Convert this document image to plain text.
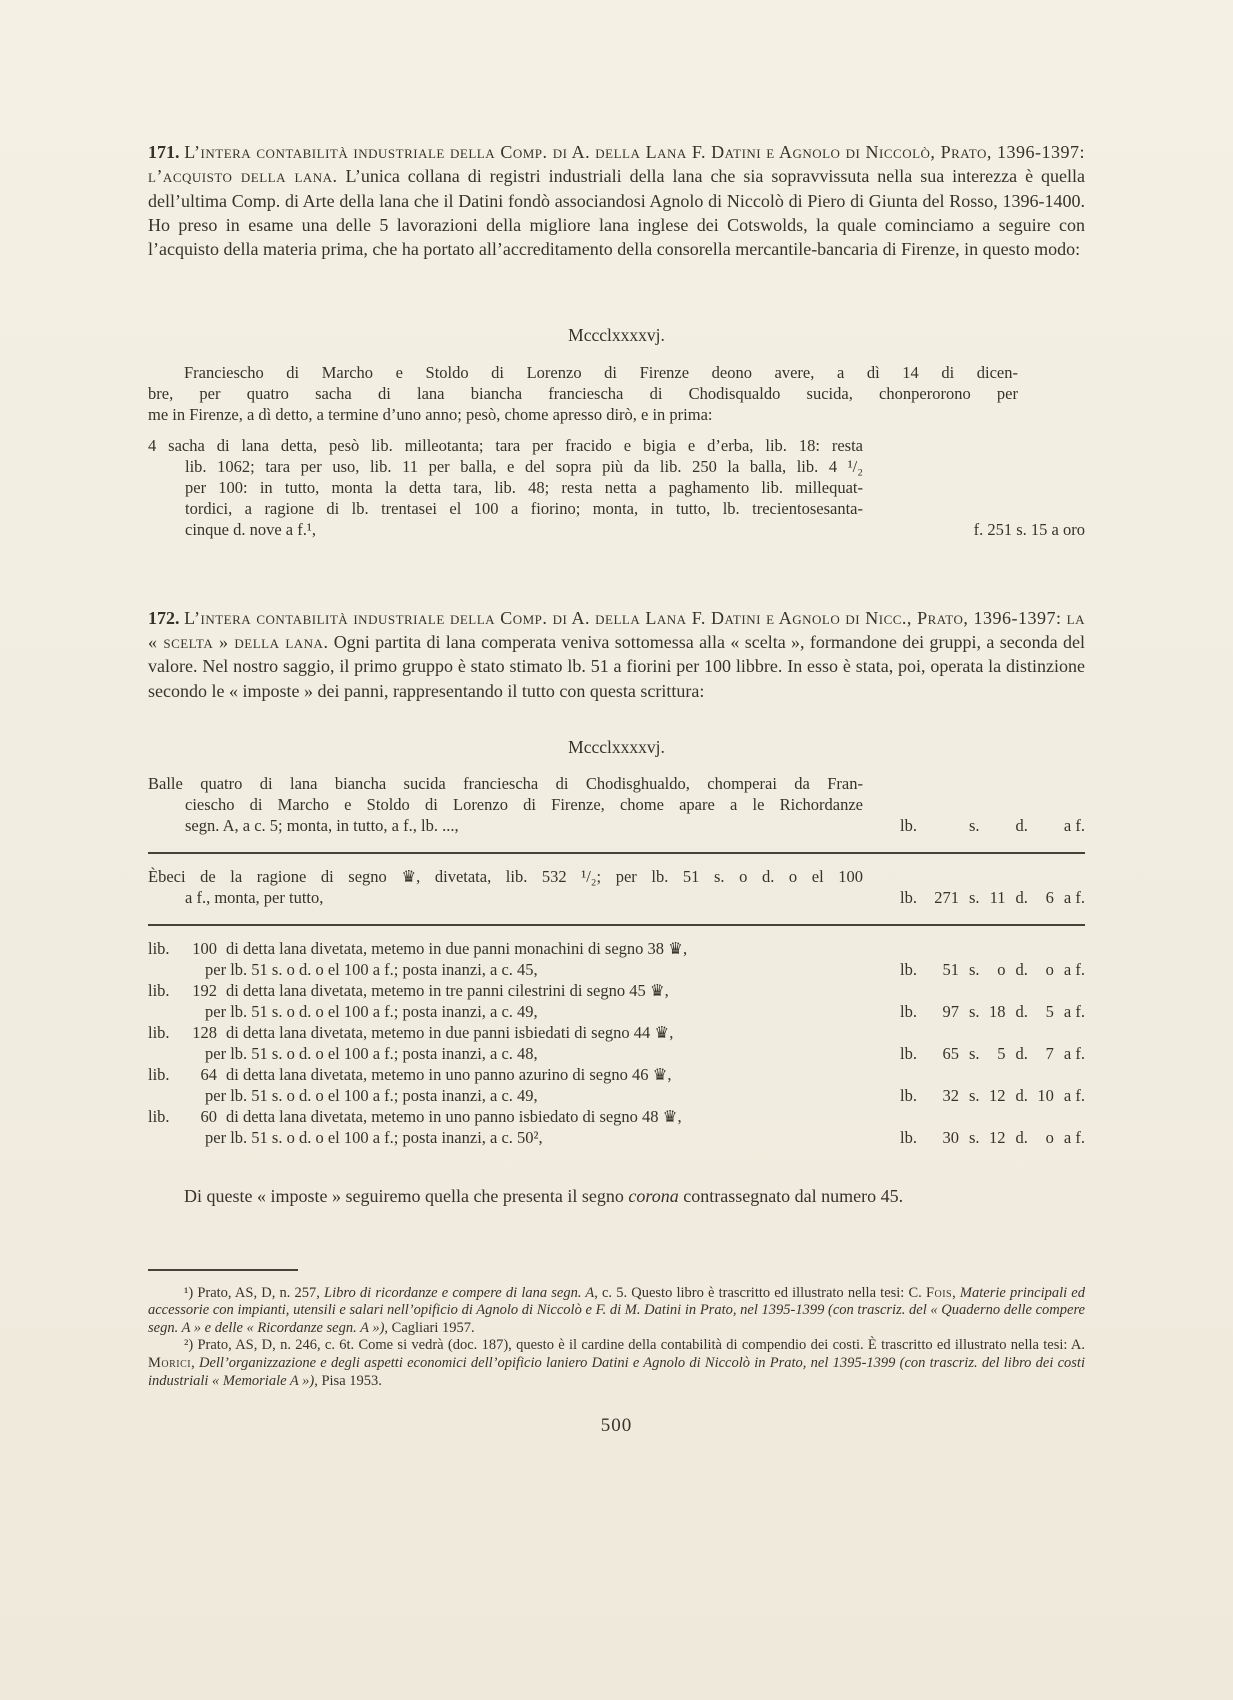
171. L’intera contabilità industriale della Comp. di A. della Lana F. Datini e Agnolo di Niccolò, Prato, 1396-1397: l’acquisto della lana. L’unica collana di registri industriali della lana che sia sopravvissuta nella sua interezza è quella dell’ultima Comp. di Arte della lana che il Datini fondò associandosi Agnolo di Niccolò di Piero di Giunta del Rosso, 1396-1400. Ho preso in esame una delle 5 lavorazioni della migliore lana inglese dei Cotswolds, la quale cominciamo a seguire con l’acquisto della materia prima, che ha portato all’accreditamento della consorella mercantile-bancaria di Firenze, in questo modo:

Mccclxxxxvj.

Franciescho di Marcho e Stoldo di Lorenzo di Firenze deono avere, a dì 14 di dicen-
bre, per quatro sacha di lana biancha franciescha di Chodisqualdo sucida, chonperorono per
me in Firenze, a dì detto, a termine d’uno anno; pesò, chome apresso dirò, e in prima:
4 sacha di lana detta, pesò lib. milleotanta; tara per fracido e bigia e d’erba, lib. 18: resta
lib. 1062; tara per uso, lib. 11 per balla, e del sopra più da lib. 250 la balla, lib. 4 ¹/₂
per 100: in tutto, monta la detta tara, lib. 48; resta netta a paghamento lib. millequat-
tordici, a ragione di lb. trentasei el 100 a fiorino; monta, in tutto, lb. trecientosesanta-
cinque d. nove a f.¹,	f. 251 s. 15 a oro

172. L’intera contabilità industriale della Comp. di A. della Lana F. Datini e Agnolo di Nicc., Prato, 1396-1397: la « scelta » della lana. Ogni partita di lana comperata veniva sottomessa alla « scelta », formandone dei gruppi, a seconda del valore. Nel nostro saggio, il primo gruppo è stato stimato lb. 51 a fiorini per 100 libbre. In esso è stata, poi, operata la distinzione secondo le « imposte » dei panni, rappresentando il tutto con questa scrittura:

Mccclxxxxvj.

Balle quatro di lana biancha sucida franciescha di Chodisghualdo, chomperai da Fran-
ciescho di Marcho e Stoldo di Lorenzo di Firenze, chome apare a le Richordanze
segn. A, a c. 5; monta, in tutto, a f., lb. ...,	lb.	s. d. a f.
Èbeci de la ragione di segno ♛, divetata, lib. 532 ¹/₂; per lb. 51 s. o d. o el 100
a f., monta, per tutto,	lb.	271 s. 11 d.	6 a f.
lib.	100 di detta lana divetata, metemo in due panni monachini di segno 38 ♛,
per lb. 51 s. o d. o el 100 a f.; posta inanzi, a c. 45,	lb.	51 s.	o d.	o a f.
lib.	192 di detta lana divetata, metemo in tre panni cilestrini di segno 45 ♛,
per lb. 51 s. o d. o el 100 a f.; posta inanzi, a c. 49,	lb.	97 s. 18 d.	5 a f.
lib.	128 di detta lana divetata, metemo in due panni isbiedati di segno 44 ♛,
per lb. 51 s. o d. o el 100 a f.; posta inanzi, a c. 48,	lb.	65 s.	5 d.	7 a f.
lib.	64 di detta lana divetata, metemo in uno panno azurino di segno 46 ♛,
per lb. 51 s. o d. o el 100 a f.; posta inanzi, a c. 49,	lb.	32 s. 12 d. 10 a f.
lib.	60 di detta lana divetata, metemo in uno panno isbiedato di segno 48 ♛,
per lb. 51 s. o d. o el 100 a f.; posta inanzi, a c. 50²,	lb.	30 s. 12 d.	o a f.

Di queste « imposte » seguiremo quella che presenta il segno corona contrassegnato dal numero 45.

¹) Prato, AS, D, n. 257, Libro di ricordanze e compere di lana segn. A, c. 5. Questo libro è trascritto ed illustrato nella tesi: C. Fois, Materie principali ed accessorie con impianti, utensili e salari nell’opificio di Agnolo di Niccolò e F. di M. Datini in Prato, nel 1395-1399 (con trascriz. del « Quaderno delle compere segn. A » e delle « Ricordanze segn. A »), Cagliari 1957.

²) Prato, AS, D, n. 246, c. 6t. Come si vedrà (doc. 187), questo è il cardine della contabilità di compendio dei costi. È trascritto ed illustrato nella tesi: A. Morici, Dell’organizzazione e degli aspetti economici dell’opificio laniero Datini e Agnolo di Niccolò in Prato, nel 1395-1399 (con trascriz. del libro dei costi industriali « Memoriale A »), Pisa 1953.

500
